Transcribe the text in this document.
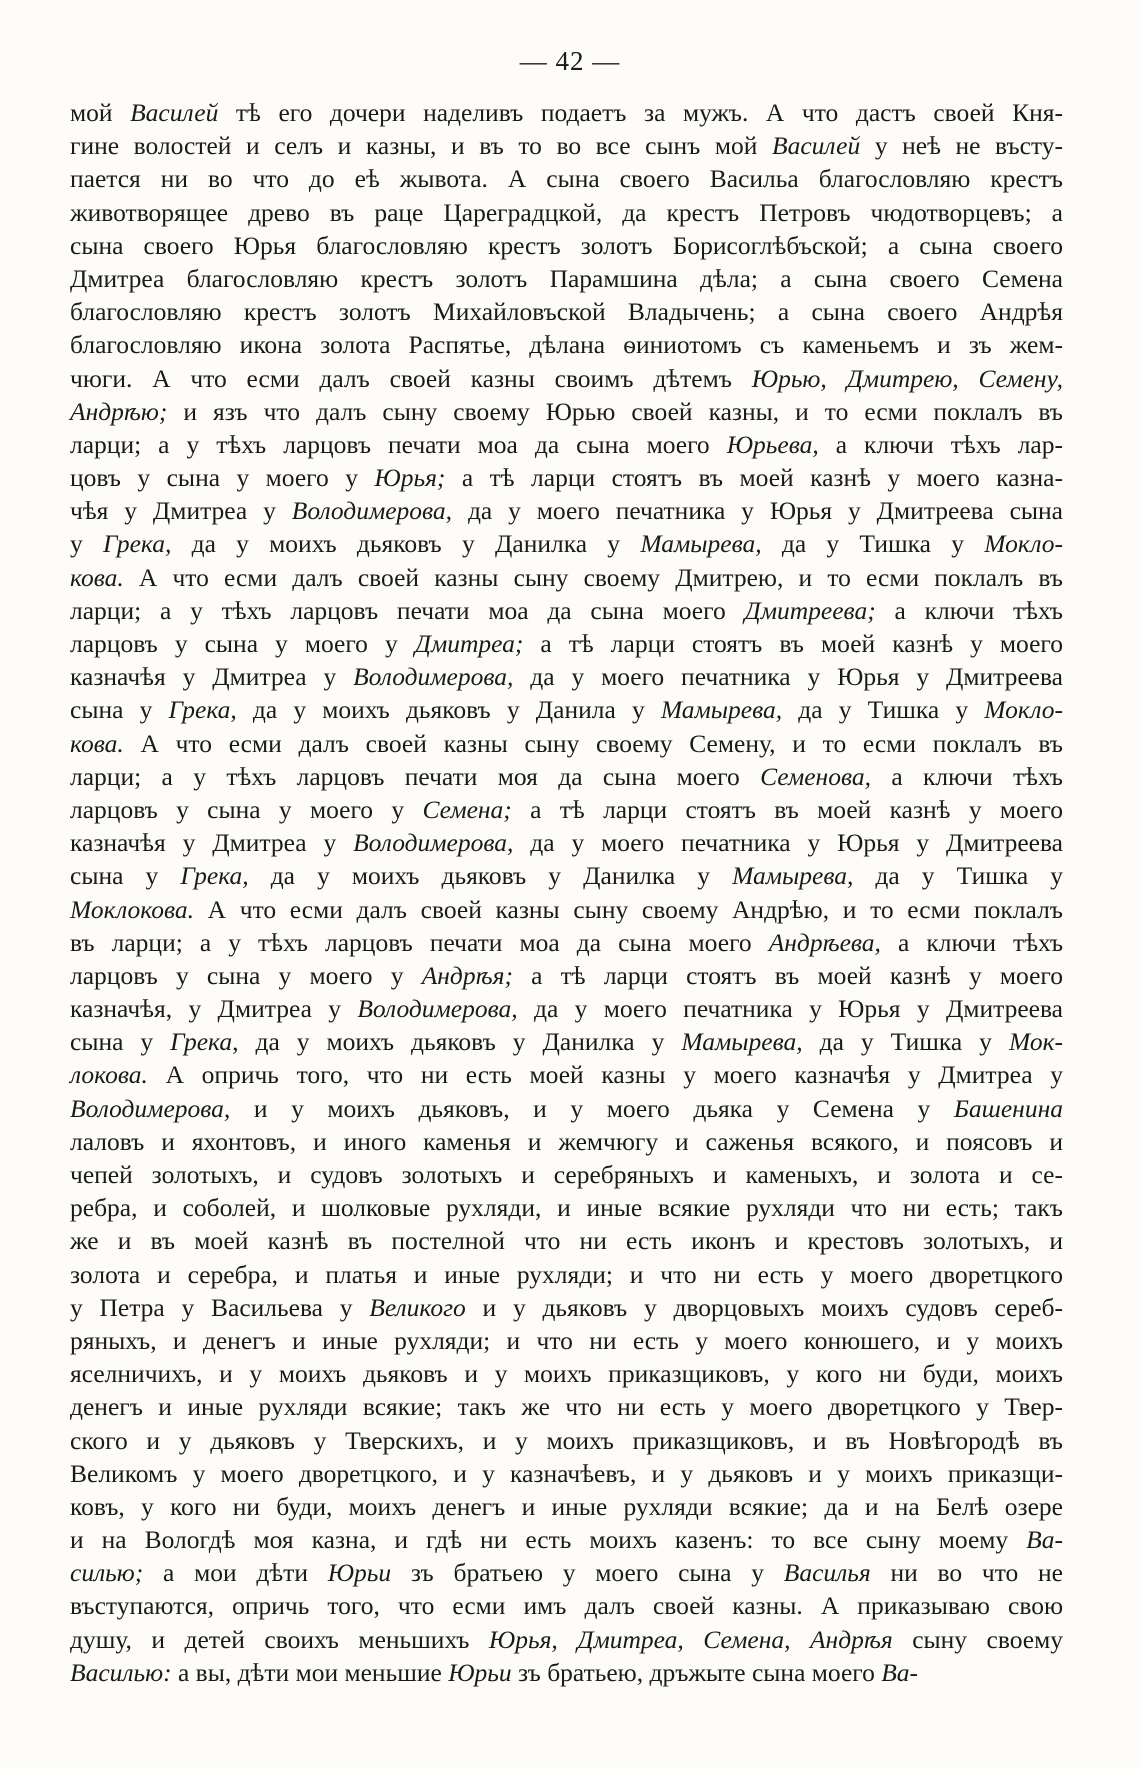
— 42 —
мой Василей тѣ его дочери наделивъ подаетъ за мужъ. А что дастъ своей Кня-
гине волостей и селъ и казны, и въ то во все сынъ мой Василей у неѣ не въсту-
пается ни во что до еѣ жывота. А сына своего Васильа благословляю крестъ
животворящее древо въ раце Цареградцкой, да крестъ Петровъ чюдотворцевъ; а
сына своего Юрья благословляю крестъ золотъ Борисоглѣбъской; а сына своего
Дмитреа благословляю крестъ золотъ Парамшина дѣла; а сына своего Семена
благословляю крестъ золотъ Михайловъской Владычень; а сына своего Андрѣя
благословляю икона золота Распятье, дѣлана ѳиниотомъ съ каменьемъ и зъ жем-
чюги. А что есми далъ своей казны своимъ дѣтемъ Юрью, Дмитрею, Семену,
Андрѣю; и язъ что далъ сыну своему Юрью своей казны, и то есми поклалъ въ
ларци; а у тѣхъ ларцовъ печати моа да сына моего Юрьева, а ключи тѣхъ лар-
цовъ у сына у моего у Юрья; а тѣ ларци стоятъ въ моей казнѣ у моего казна-
чѣя у Дмитреа у Володимерова, да у моего печатника у Юрья у Дмитреева сына
у Грека, да у моихъ дьяковъ у Данилка у Мамырева, да у Тишка у Мокло-
кова. А что есми далъ своей казны сыну своему Дмитрею, и то есми поклалъ въ
ларци; а у тѣхъ ларцовъ печати моа да сына моего Дмитреева; а ключи тѣхъ
ларцовъ у сына у моего у Дмитреа; а тѣ ларци стоятъ въ моей казнѣ у моего
казначѣя у Дмитреа у Володимерова, да у моего печатника у Юрья у Дмитреева
сына у Грека, да у моихъ дьяковъ у Данила у Мамырева, да у Тишка у Мокло-
кова. А что есми далъ своей казны сыну своему Семену, и то есми поклалъ въ
ларци; а у тѣхъ ларцовъ печати моя да сына моего Семенова, а ключи тѣхъ
ларцовъ у сына у моего у Семена; а тѣ ларци стоятъ въ моей казнѣ у моего
казначѣя у Дмитреа у Володимерова, да у моего печатника у Юрья у Дмитреева
сына у Грека, да у моихъ дьяковъ у Данилка у Мамырева, да у Тишка у
Моклокова. А что есми далъ своей казны сыну своему Андрѣю, и то есми поклалъ
въ ларци; а у тѣхъ ларцовъ печати моа да сына моего Андрѣева, а ключи тѣхъ
ларцовъ у сына у моего у Андрѣя; а тѣ ларци стоятъ въ моей казнѣ у моего
казначѣя, у Дмитреа у Володимерова, да у моего печатника у Юрья у Дмитреева
сына у Грека, да у моихъ дьяковъ у Данилка у Мамырева, да у Тишка у Мок-
локова. А опричь того, что ни есть моей казны у моего казначѣя у Дмитреа у
Володимерова, и у моихъ дьяковъ, и у моего дьяка у Семена у Башенина
лаловъ и яхонтовъ, и иного каменья и жемчюгу и саженья всякого, и поясовъ и
чепей золотыхъ, и судовъ золотыхъ и серебряныхъ и каменыхъ, и золота и се-
ребра, и соболей, и шолковые рухляди, и иные всякие рухляди что ни есть; такъ
же и въ моей казнѣ въ постелной что ни есть иконъ и крестовъ золотыхъ, и
золота и серебра, и платья и иные рухляди; и что ни есть у моего дворетцкого
у Петра у Васильева у Великого и у дьяковъ у дворцовыхъ моихъ судовъ сереб-
ряныхъ, и денегъ и иные рухляди; и что ни есть у моего конюшего, и у моихъ
яселничихъ, и у моихъ дьяковъ и у моихъ приказщиковъ, у кого ни буди, моихъ
денегъ и иные рухляди всякие; такъ же что ни есть у моего дворетцкого у Твер-
ского и у дьяковъ у Тверскихъ, и у моихъ приказщиковъ, и въ Новѣгородѣ въ
Великомъ у моего дворетцкого, и у казначѣевъ, и у дьяковъ и у моихъ приказщи-
ковъ, у кого ни буди, моихъ денегъ и иные рухляди всякие; да и на Белѣ озере
и на Вологдѣ моя казна, и гдѣ ни есть моихъ казенъ: то все сыну моему Ва-
силью; а мои дѣти Юрьи зъ братьею у моего сына у Василья ни во что не
въступаются, опричь того, что есми имъ далъ своей казны. А приказываю свою
душу, и детей своихъ меньшихъ Юрья, Дмитреа, Семена, Андрѣя сыну своему
Василью: а вы, дѣти мои меньшие Юрьи зъ братьею, дръжыте сына моего Ва-
